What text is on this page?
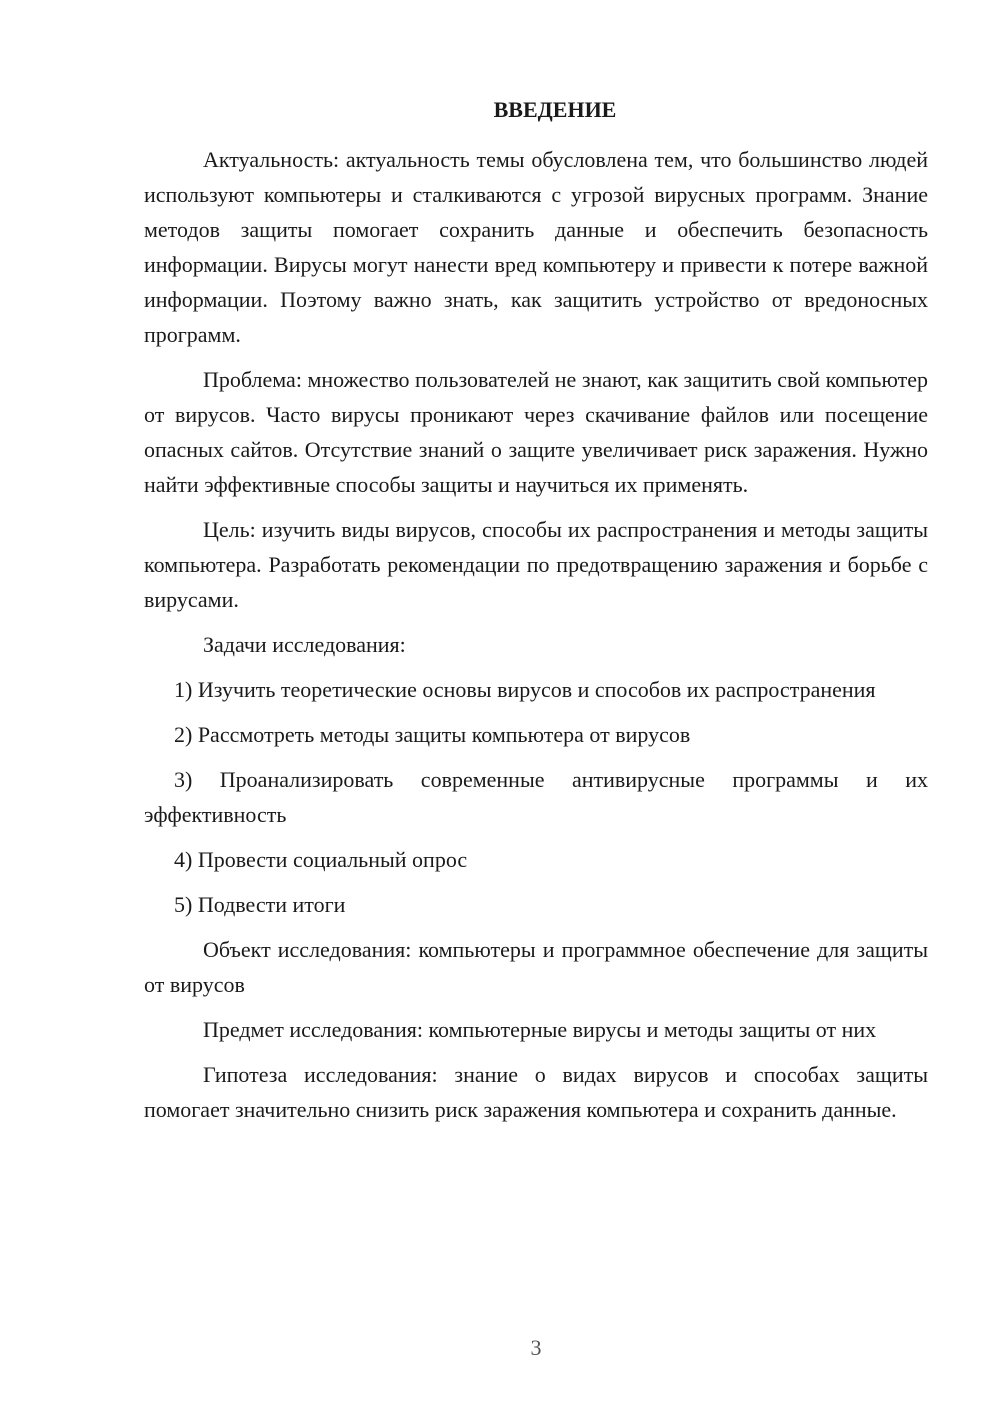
ВВЕДЕНИЕ

Актуальность: актуальность темы обусловлена тем, что большинство людей используют компьютеры и сталкиваются с угрозой вирусных программ. Знание методов защиты помогает сохранить данные и обеспечить безопасность информации. Вирусы могут нанести вред компьютеру и привести к потере важной информации. Поэтому важно знать, как защитить устройство от вредоносных программ.

Проблема: множество пользователей не знают, как защитить свой компьютер от вирусов. Часто вирусы проникают через скачивание файлов или посещение опасных сайтов. Отсутствие знаний о защите увеличивает риск заражения. Нужно найти эффективные способы защиты и научиться их применять.

Цель: изучить виды вирусов, способы их распространения и методы защиты компьютера. Разработать рекомендации по предотвращению заражения и борьбе с вирусами.

Задачи исследования:

1) Изучить теоретические основы вирусов и способов их распространения

2) Рассмотреть методы защиты компьютера от вирусов

3) Проанализировать современные антивирусные программы и их эффективность

4) Провести социальный опрос

5) Подвести итоги

Объект исследования: компьютеры и программное обеспечение для защиты от вирусов

Предмет исследования: компьютерные вирусы и методы защиты от них

Гипотеза исследования: знание о видах вирусов и способах защиты помогает значительно снизить риск заражения компьютера и сохранить данные.

3
